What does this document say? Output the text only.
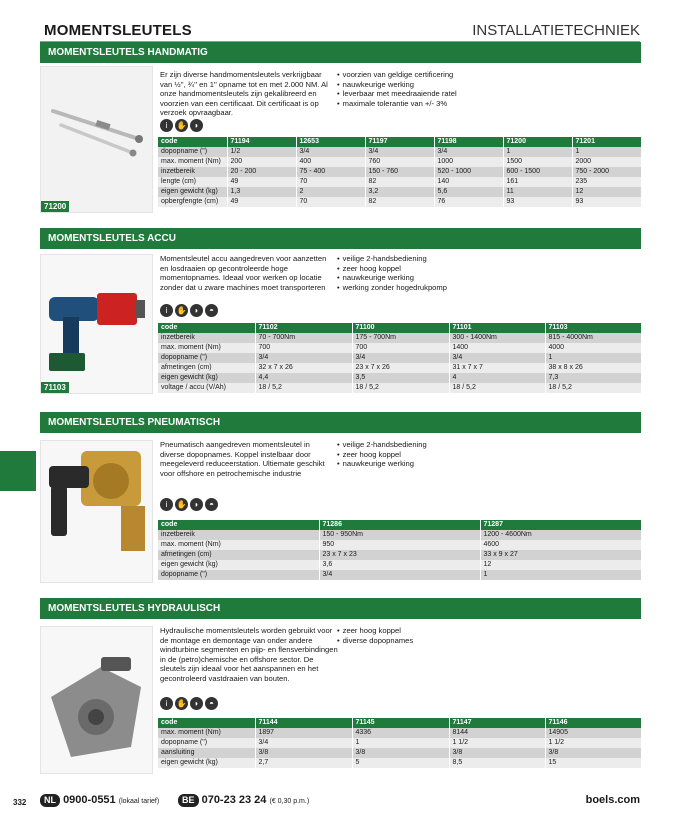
MOMENTSLEUTELS	INSTALLATIETECHNIEK
MOMENTSLEUTELS HANDMATIG
71200
Er zijn diverse handmomentsleutels verkrijgbaar van ½'', ¾'' en 1'' opname tot en met 2.000 NM. Al onze handmomentsleutels zijn gekalibreerd en voorzien van een certificaat. Dit certificaat is op verzoek opvraagbaar.
• voorzien van geldige certificering
• nauwkeurige werking
• leverbaar met meedraaiende ratel
• maximale tolerantie van +/- 3%
i ✋ ◗
code	71194	12653	71197	71198	71200	71201
dopopname (")	1/2	3/4	3/4	3/4	1	1
max. moment (Nm)	200	400	760	1000	1500	2000
inzetbereik	20 - 200	75 - 400	150 - 760	520 - 1000	600 - 1500	750 - 2000
lengte (cm)	49	70	82	140	161	235
eigen gewicht (kg)	1,3	2	3,2	5,6	11	12
opbergfengte (cm)	49	70	82	76	93	93
MOMENTSLEUTELS ACCU
71103
Momentsleutel accu aangedreven voor aanzetten en losdraaien op gecontroleerde hoge momentopnames. Ideaal voor werken op locatie zonder dat u zware machines moet transporteren
• veilige 2-handsbediening
• zeer hoog koppel
• nauwkeurige werking
• werking zonder hogedrukpomp
i ✋ ◗ ◓
code	71102	71100	71101	71103
inzetbereik	70 - 700Nm	175 - 700Nm	300 - 1400Nm	815 - 4000Nm
max. moment (Nm)	700	700	1400	4000
dopopname (")	3/4	3/4	3/4	1
afmetingen (cm)	32 x 7 x 26	23 x 7 x 26	31 x 7 x 7	38 x 8 x 26
eigen gewicht (kg)	4,4	3,5	4	7,3
voltage / accu (V/Ah)	18 / 5,2	18 / 5,2	18 / 5,2	18 / 5,2
MOMENTSLEUTELS PNEUMATISCH
Pneumatisch aangedreven momentsleutel in diverse dopopnames. Koppel instelbaar door meegeleverd reduceerstation. Ultiemate geschikt voor offshore en petrochemische industrie
• veilige 2-handsbediening
• zeer hoog koppel
• nauwkeurige werking
i ✋ ◗ ◓
code	71286	71287
inzetbereik	150 - 950Nm	1200 - 4600Nm
max. moment (Nm)	950	4600
afmetingen (cm)	23 x 7 x 23	33 x 9 x 27
eigen gewicht (kg)	3,6	12
dopopname (")	3/4	1
MOMENTSLEUTELS HYDRAULISCH
Hydraulische momentsleutels worden gebruikt voor de montage en demontage van onder andere windturbine segmenten en pijp- en flensverbindingen in de (petro)chemische en offshore sector. De sleutels zijn ideaal voor het aanspannen en het gecontroleerd vastdraaien van bouten.
• zeer hoog koppel
• diverse dopopnames
i ✋ ◗ ◓
code	71144	71145	71147	71146
max. moment (Nm)	1897	4336	8144	14905
dopopname (")	3/4	1	1 1/2	1 1/2
aansluiting	3/8	3/8	3/8	3/8
eigen gewicht (kg)	2,7	5	8,5	15
332	NL 0900-0551 (lokaal tarief)	BE 070-23 23 24 (€ 0,30 p.m.)	boels.com
